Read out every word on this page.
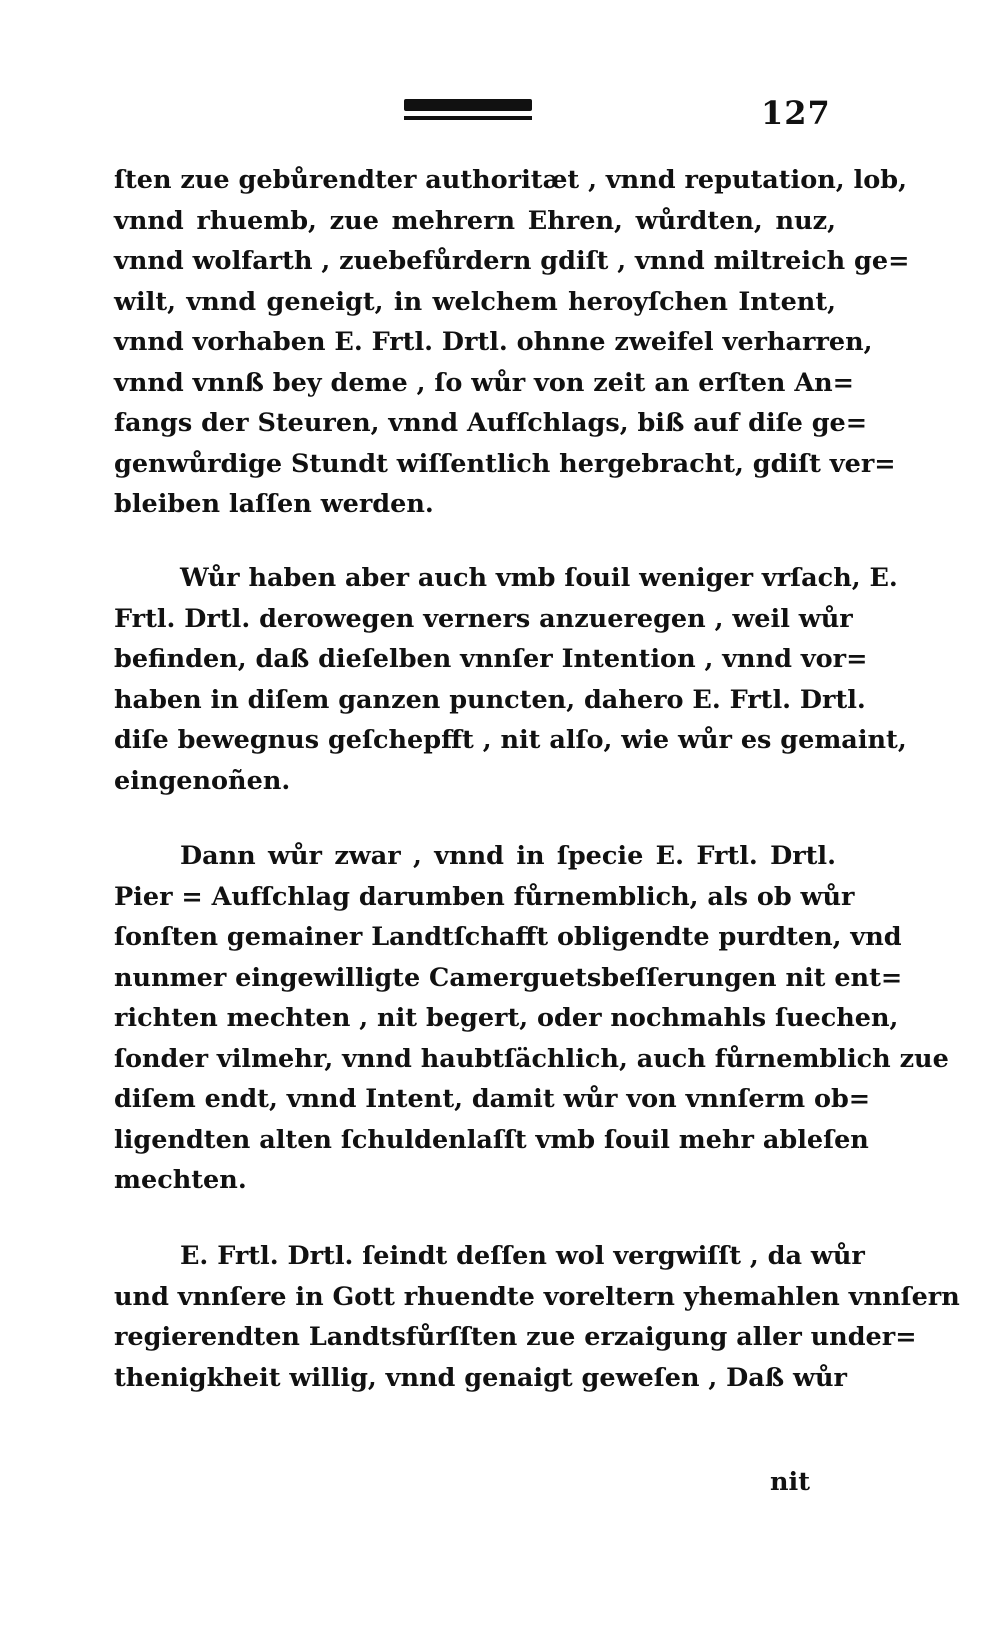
127
ſten zue gebůrendter authoritæt , vnnd reputation, lob,
vnnd rhuemb, zue mehrern Ehren, wůrdten, nuz,
vnnd wolfarth , zuebefůrdern gdiſt , vnnd miltreich ge=
wilt, vnnd geneigt, in welchem heroyſchen Intent,
vnnd vorhaben E. Frtl. Drtl. ohnne zweifel verharren,
vnnd vnnß bey deme , ſo wůr von zeit an erſten An=
fangs der Steuren, vnnd Aufſchlags, biß auf diſe ge=
genwůrdige Stundt wiſſentlich hergebracht, gdiſt ver=
bleiben laſſen werden.
Wůr haben aber auch vmb ſouil weniger vrſach, E.
Frtl. Drtl. derowegen verners anzueregen , weil wůr
befinden, daß dieſelben vnnſer Intention , vnnd vor=
haben in diſem ganzen puncten, dahero E. Frtl. Drtl.
diſe bewegnus geſchepfft , nit alſo, wie wůr es gemaint,
eingenoñen.
Dann wůr zwar , vnnd in ſpecie E. Frtl. Drtl.
Pier = Aufſchlag darumben fůrnemblich, als ob wůr
ſonſten gemainer Landtſchafft obligendte purdten, vnd
nunmer eingewilligte Camerguetsbeſſerungen nit ent=
richten mechten , nit begert, oder nochmahls ſuechen,
ſonder vilmehr, vnnd haubtſächlich, auch fůrnemblich zue
diſem endt, vnnd Intent, damit wůr von vnnſerm ob=
ligendten alten ſchuldenlaſſt vmb ſouil mehr ableſen
mechten.
E. Frtl. Drtl. ſeindt deſſen wol vergwiſſt , da wůr
und vnnſere in Gott rhuendte voreltern yhemahlen vnnſern
regierendten Landtsfůrſſten zue erzaigung aller under=
thenigkheit willig, vnnd genaigt geweſen , Daß wůr
nit
